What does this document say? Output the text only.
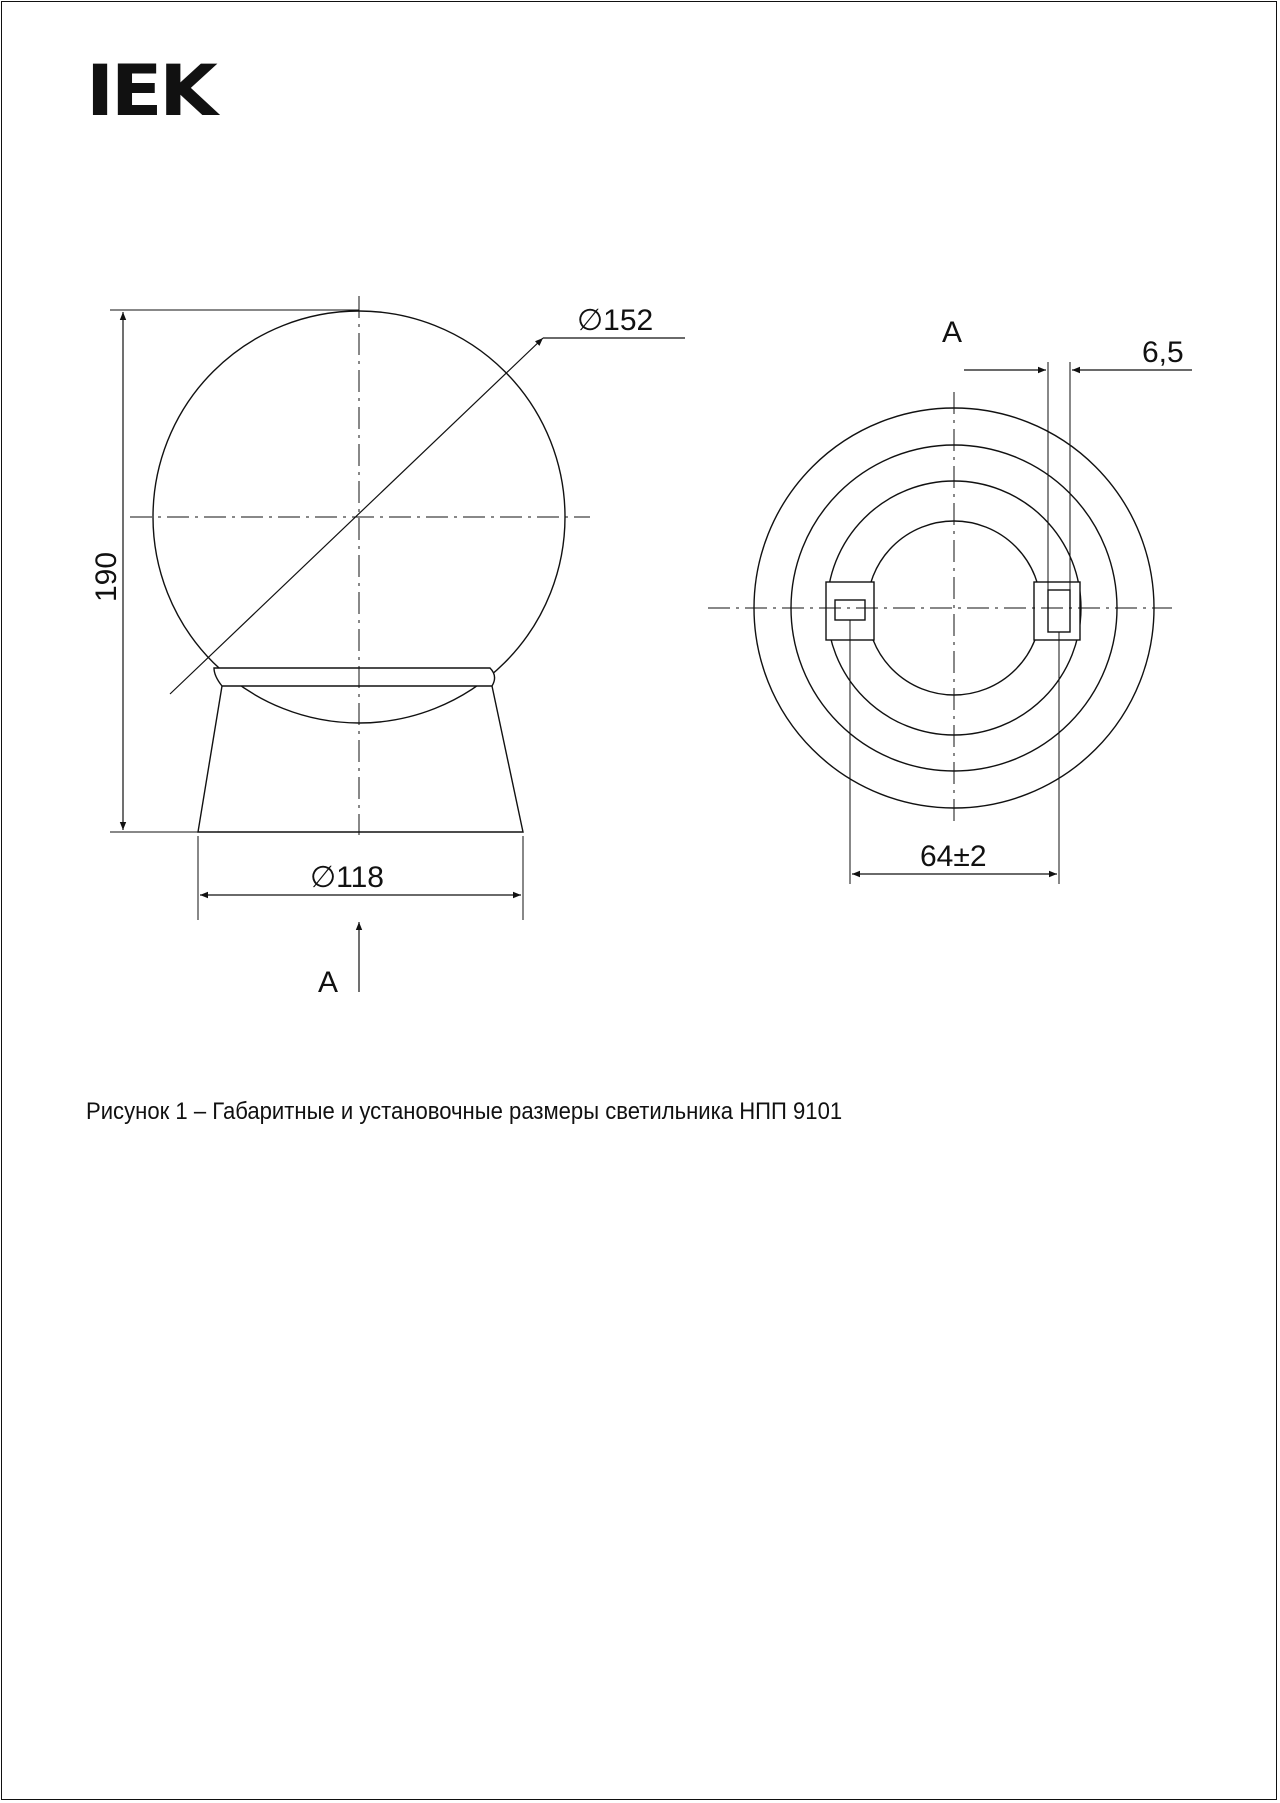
IEK
∅152
190
∅118
A
A
6,5
64±2
Рисунок 1 – Габаритные и установочные размеры светильника НПП 9101
